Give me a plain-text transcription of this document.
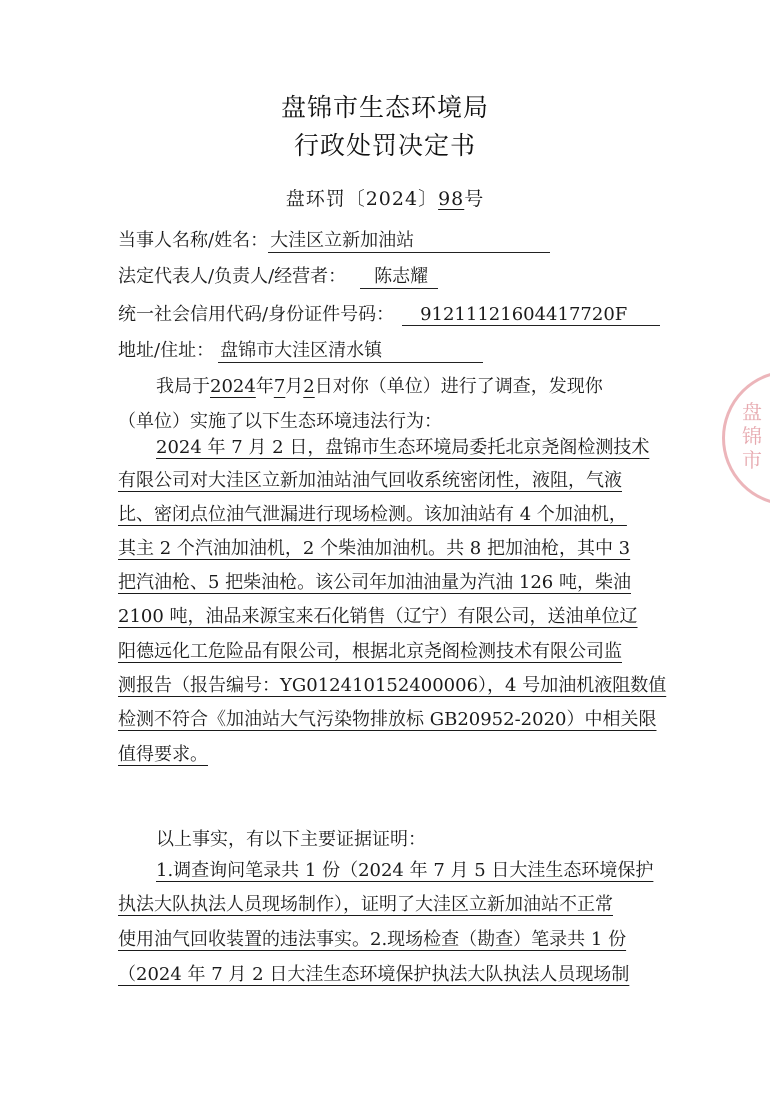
盘锦市生态环境局
行政处罚决定书
盘环罚〔2024〕98号
当事人名称/姓名： 大洼区立新加油站
法定代表人/负责人/经营者： 陈志耀
统一社会信用代码/身份证件号码： 91211121604417720F
地址/住址： 盘锦市大洼区清水镇
我局于2024年7月2日对你（单位）进行了调查，发现你
（单位）实施了以下生态环境违法行为：
2024 年 7 月 2 日，盘锦市生态环境局委托北京尧阁检测技术
有限公司对大洼区立新加油站油气回收系统密闭性，液阻，气液
比、密闭点位油气泄漏进行现场检测。该加油站有 4 个加油机，
其主 2 个汽油加油机，2 个柴油加油机。共 8 把加油枪，其中 3
把汽油枪、5 把柴油枪。该公司年加油油量为汽油 126 吨，柴油
2100 吨，油品来源宝来石化销售（辽宁）有限公司，送油单位辽
阳德远化工危险品有限公司，根据北京尧阁检测技术有限公司监
测报告（报告编号：YG012410152400006），4 号加油机液阻数值
检测不符合《加油站大气污染物排放标 GB20952-2020）中相关限
值得要求。
以上事实，有以下主要证据证明：
1.调查询问笔录共 1 份（2024 年 7 月 5 日大洼生态环境保护
执法大队执法人员现场制作），证明了大洼区立新加油站不正常
使用油气回收装置的违法事实。2.现场检查（勘查）笔录共 1 份
（2024 年 7 月 2 日大洼生态环境保护执法大队执法人员现场制
盘锦市
